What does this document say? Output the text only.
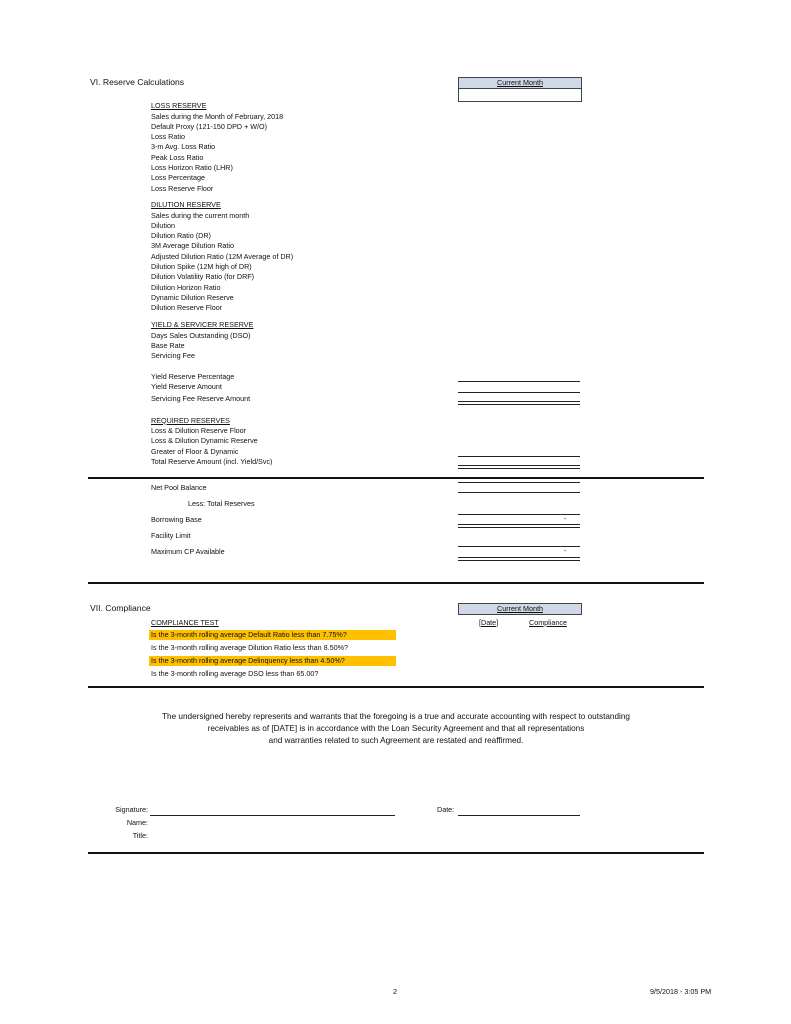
VI. Reserve Calculations	Current Month
LOSS RESERVE
Sales during the Month of February, 2018
Default Proxy (121-150 DPD + W/O)
Loss Ratio
3-m Avg. Loss Ratio
Peak Loss Ratio
Loss Horizon Ratio (LHR)
Loss Percentage
Loss Reserve Floor
DILUTION RESERVE
Sales during the current month
Dilution
Dilution Ratio (DR)
3M Average Dilution Ratio
Adjusted Dilution Ratio (12M Average of DR)
Dilution Spike (12M high of DR)
Dilution Volatility Ratio (for DRF)
Dilution Horizon Ratio
Dynamic Dilution Reserve
Dilution Reserve Floor
YIELD & SERVICER RESERVE
Days Sales Outstanding (DSO)
Base Rate
Servicing Fee
Yield Reserve Percentage
Yield Reserve Amount
Servicing Fee Reserve Amount
REQUIRED RESERVES
Loss & Dilution Reserve Floor
Loss & Dilution Dynamic Reserve
Greater of Floor & Dynamic
Total Reserve Amount (incl. Yield/Svc)
Net Pool Balance
Less: Total Reserves
Borrowing Base	-
Facility Limit
Maximum CP Available	-
VII. Compliance	Current Month
COMPLIANCE TEST	[Date]	Compliance
Is the 3-month rolling average Default Ratio less than 7.75%?
Is the 3-month rolling average Dilution Ratio less than 8.50%?
Is the 3-month rolling average Delinquency less than 4.50%?
Is the 3-month rolling average DSO less than 65.00?
The undersigned hereby represents and warrants that the foregoing is a true and accurate accounting with respect to outstanding
receivables as of [DATE] is in accordance with the Loan Security Agreement and that all representations
and warranties related to such Agreement are restated and reaffirmed.
Signature:	Date:
Name:
Title:
2	9/5/2018 - 3:05 PM
